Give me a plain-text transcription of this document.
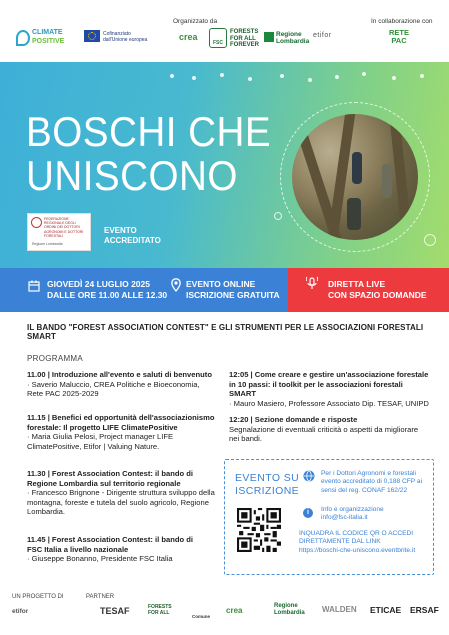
Organizzato da	In collaborazione con
CLIMATE
POSITIVE
Cofinanziato dall'Unione europea	crea
FSC
FORESTS FOR ALL FOREVER
Regione Lombardia
etifor	RETE PAC
BOSCHI CHE
UNISCONO
FEDERAZIONE REGIONALE DEGLI ORDINI DEI DOTTORI AGRONOMI E DOTTORI FORESTALI
Regione Lombardia
EVENTO
ACCREDITATO
GIOVEDÌ 24 LUGLIO 2025
DALLE ORE 11.00 ALLE 12.30
EVENTO ONLINE
ISCRIZIONE GRATUITA
DIRETTA LIVE
CON SPAZIO DOMANDE
IL BANDO "FOREST ASSOCIATION CONTEST" E GLI STRUMENTI PER LE ASSOCIAZIONI FORESTALI SMART
PROGRAMMA
11.00 | Introduzione all'evento e saluti di benvenuto
· Saverio Maluccio, CREA Politiche e Bioeconomia, Rete PAC 2025-2029
11.15 | Benefici ed opportunità dell'associazionismo forestale: Il progetto LIFE ClimatePositive
· Maria Giulia Pelosi, Project manager LIFE ClimatePositive, Etifor | Valuing Nature.
11.30 | Forest Association Contest: il bando di Regione Lombardia sul territorio regionale
· Francesco Brignone - Dirigente struttura sviluppo della montagna, foreste e tutela del suolo agricolo, Regione Lombardia.
11.45 | Forest Association Contest: il bando di FSC Italia a livello nazionale
· Giuseppe Bonanno, Presidente FSC Italia
12:05 | Come creare e gestire un'associazione forestale in 10 passi: il toolkit per le associazioni forestali SMART
· Mauro Masiero, Professore Associato Dip. TESAF, UNIPD
12:20 | Sezione domande e risposte
Segnalazione di eventuali criticità o aspetti da migliorare nei bandi.
EVENTO SU
ISCRIZIONE
Per i Dottori Agronomi e forestali evento accreditato di 0,188 CFP ai sensi del reg. CONAF 162/22
i	Info e organizzazione
info@fsc-italia.it
INQUADRA IL CODICE QR O ACCEDI
DIRETTAMENTE DAL LINK
https://boschi-che-uniscono.eventbrite.it
UN PROGETTO DI	PARTNER
etifor	TESAF	FORESTS FOR ALL
Comune
crea	Regione Lombardia WALDEN ETICAE ERSAF
